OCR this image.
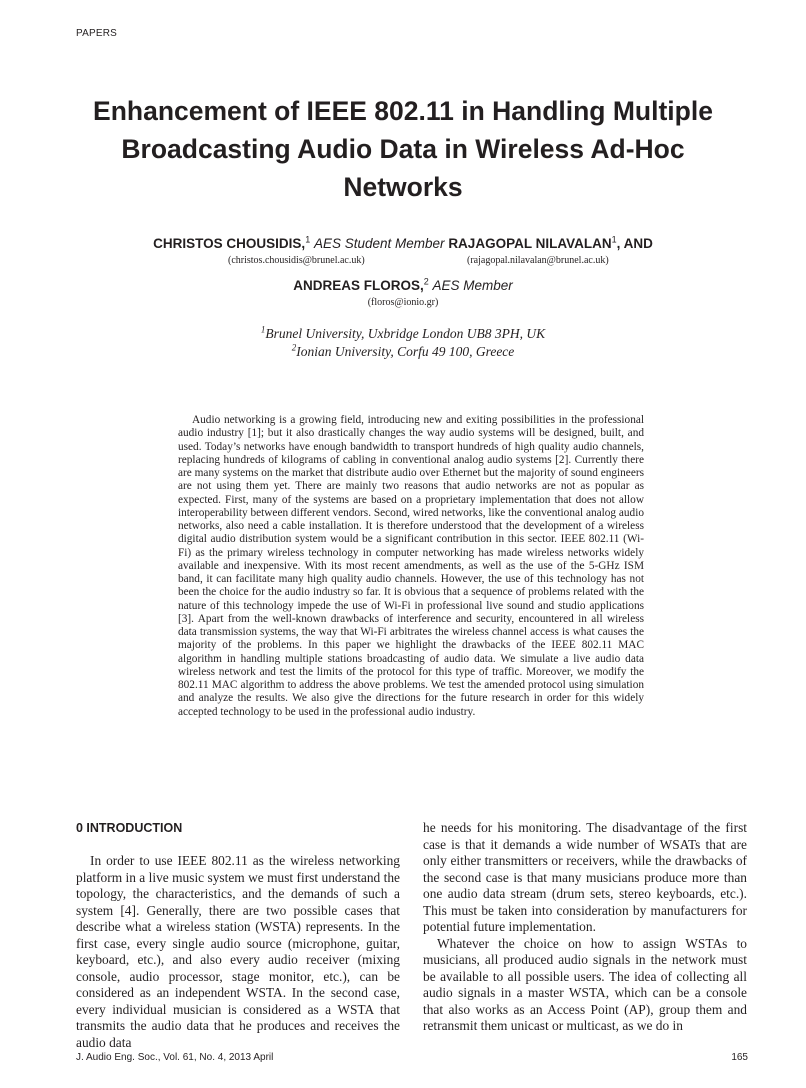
PAPERS
Enhancement of IEEE 802.11 in Handling Multiple Broadcasting Audio Data in Wireless Ad-Hoc Networks
CHRISTOS CHOUSIDIS,$^1$ AES Student Member RAJAGOPAL NILAVALAN$^1$, AND
(christos.chousidis@brunel.ac.uk)	(rajagopal.nilavalan@brunel.ac.uk)
ANDREAS FLOROS,$^2$ AES Member
(floros@ionio.gr)
$^1$Brunel University, Uxbridge London UB8 3PH, UK
$^2$Ionian University, Corfu 49 100, Greece

Audio networking is a growing field, introducing new and exiting possibilities in the professional audio industry [1]; but it also drastically changes the way audio systems will be designed, built, and used. Today’s networks have enough bandwidth to transport hundreds of high quality audio channels, replacing hundreds of kilograms of cabling in conventional analog audio systems [2]. Currently there are many systems on the market that distribute audio over Ethernet but the majority of sound engineers are not using them yet. There are mainly two reasons that audio networks are not as popular as expected. First, many of the systems are based on a proprietary implementation that does not allow interoperability between different vendors. Second, wired networks, like the conventional analog audio networks, also need a cable installation. It is therefore understood that the development of a wireless digital audio distribution system would be a significant contribution in this sector. IEEE 802.11 (Wi-Fi) as the primary wireless technology in computer networking has made wireless networks widely available and inexpensive. With its most recent amendments, as well as the use of the 5-GHz ISM band, it can facilitate many high quality audio channels. However, the use of this technology has not been the choice for the audio industry so far. It is obvious that a sequence of problems related with the nature of this technology impede the use of Wi-Fi in professional live sound and studio applications [3]. Apart from the well-known drawbacks of interference and security, encountered in all wireless data transmission systems, the way that Wi-Fi arbitrates the wireless channel access is what causes the majority of the problems. In this paper we highlight the drawbacks of the IEEE 802.11 MAC algorithm in handling multiple stations broadcasting of audio data. We simulate a live audio data wireless network and test the limits of the protocol for this type of traffic. Moreover, we modify the 802.11 MAC algorithm to address the above problems. We test the amended protocol using simulation and analyze the results. We also give the directions for the future research in order for this widely accepted technology to be used in the professional audio industry.

0 INTRODUCTION

In order to use IEEE 802.11 as the wireless networking platform in a live music system we must first understand the topology, the characteristics, and the demands of such a system [4]. Generally, there are two possible cases that describe what a wireless station (WSTA) represents. In the first case, every single audio source (microphone, guitar, keyboard, etc.), and also every audio receiver (mixing console, audio processor, stage monitor, etc.), can be considered as an independent WSTA. In the second case, every individual musician is considered as a WSTA that transmits the audio data that he produces and receives the audio data

he needs for his monitoring. The disadvantage of the first case is that it demands a wide number of WSATs that are only either transmitters or receivers, while the drawbacks of the second case is that many musicians produce more than one audio data stream (drum sets, stereo keyboards, etc.). This must be taken into consideration by manufacturers for potential future implementation.

Whatever the choice on how to assign WSTAs to musicians, all produced audio signals in the network must be available to all possible users. The idea of collecting all audio signals in a master WSTA, which can be a console that also works as an Access Point (AP), group them and retransmit them unicast or multicast, as we do in

J. Audio Eng. Soc., Vol. 61, No. 4, 2013 April	165
